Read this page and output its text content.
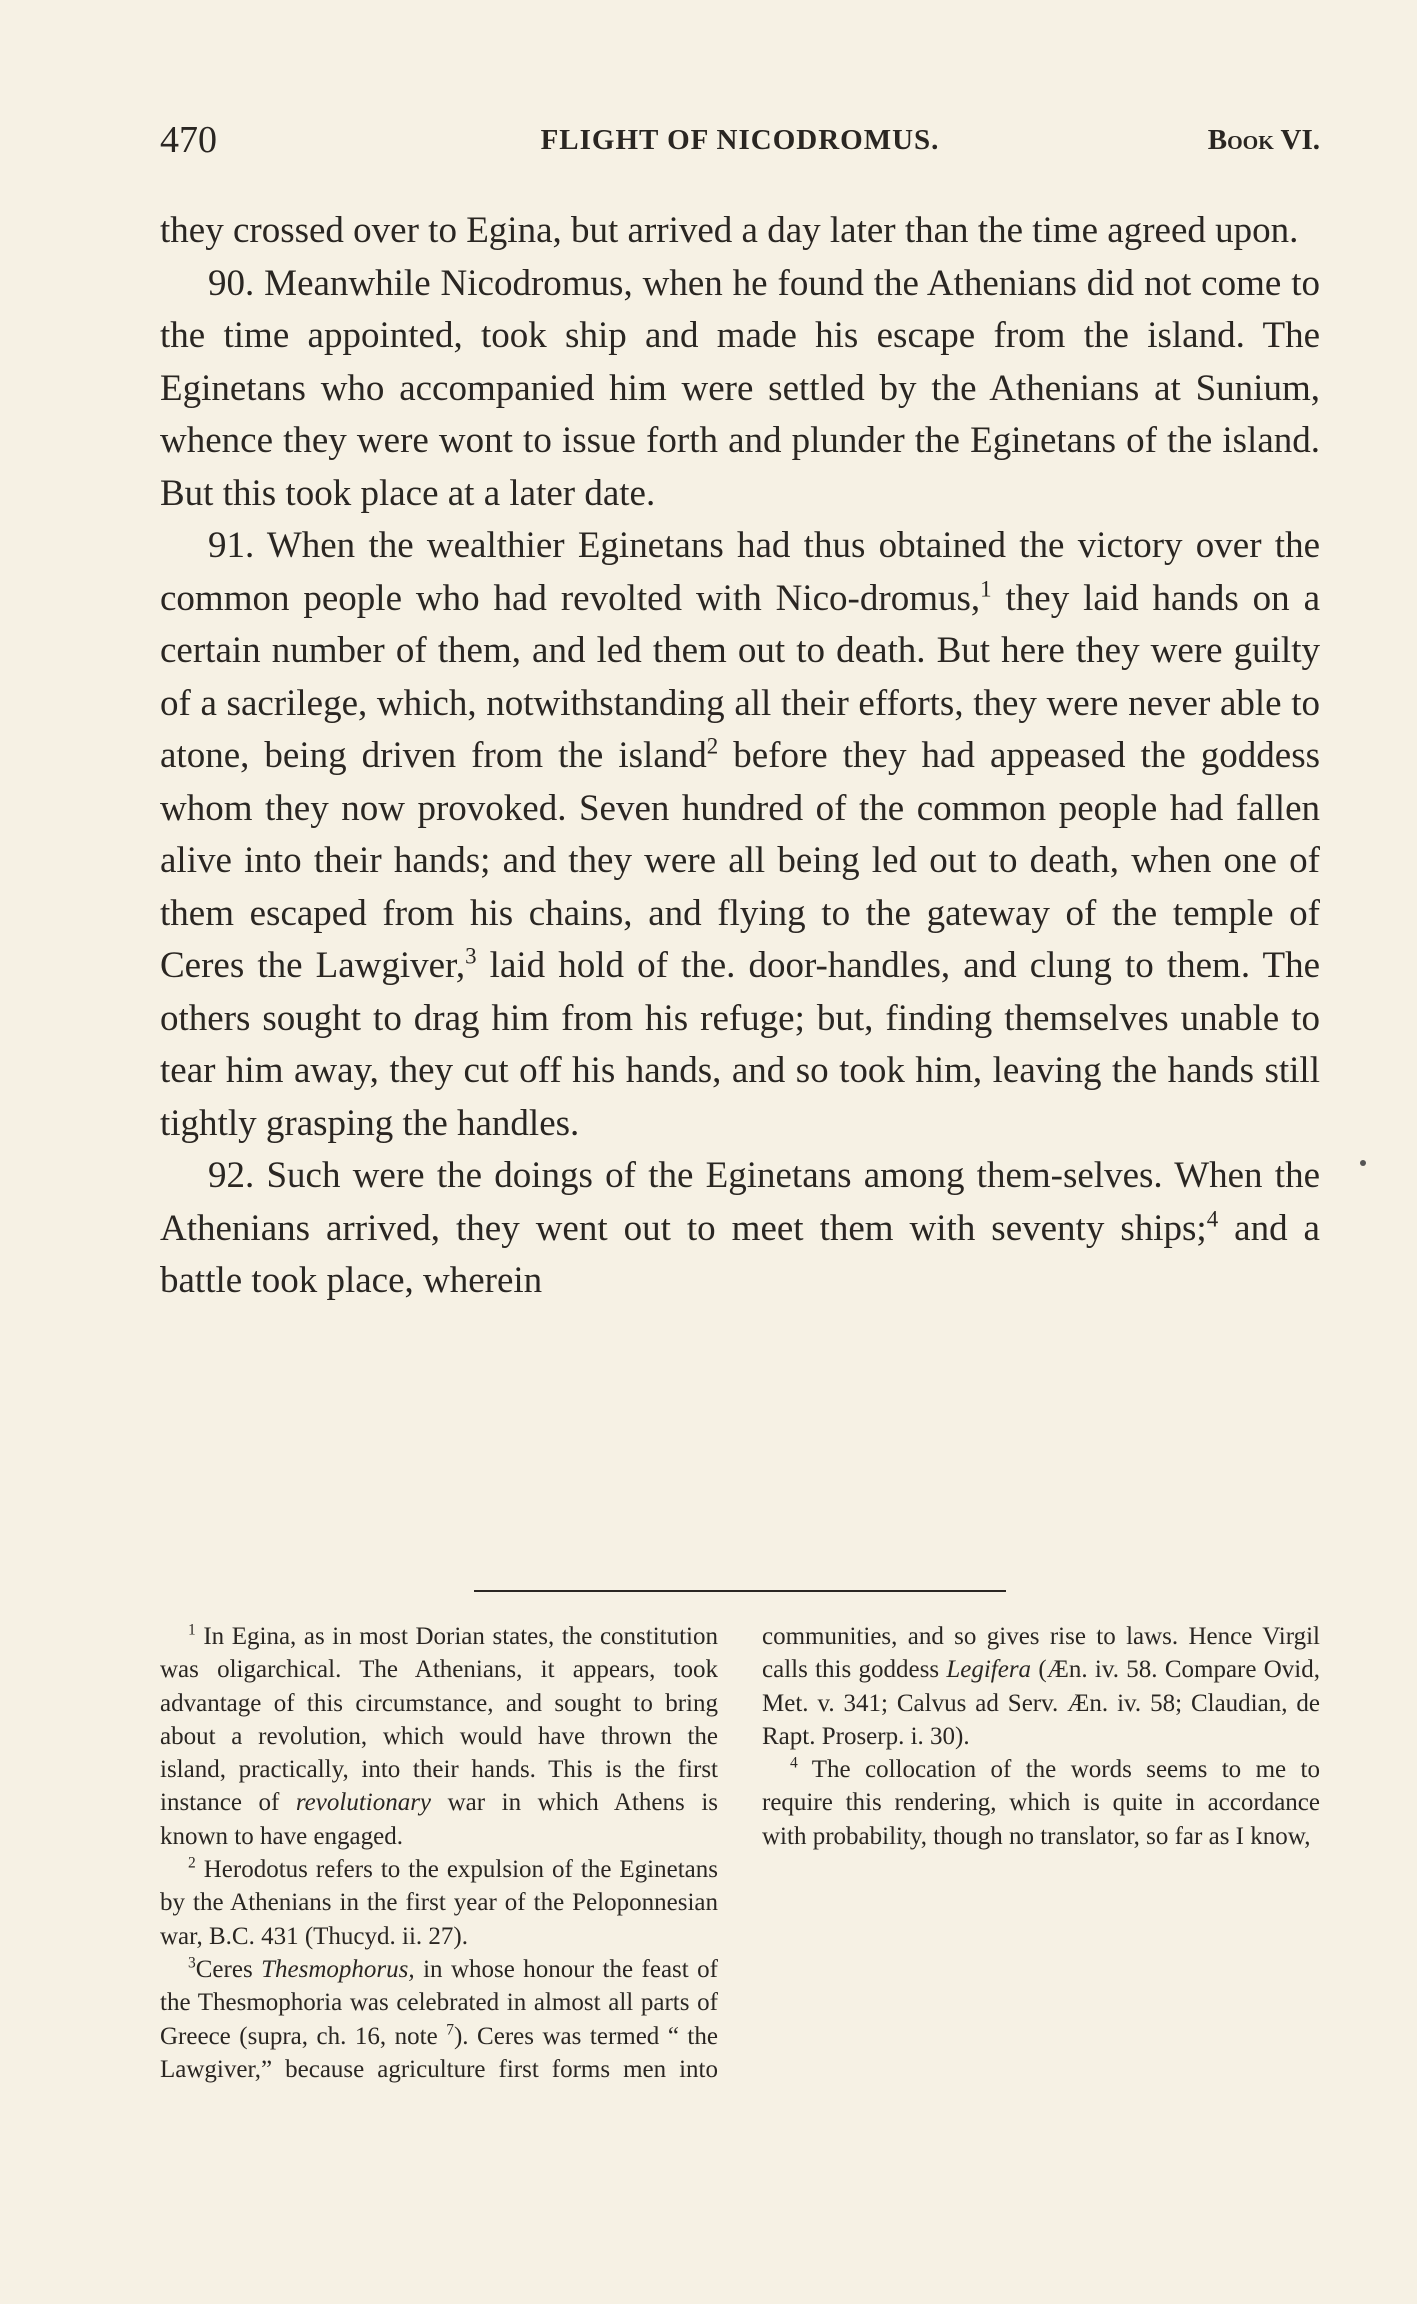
470	FLIGHT OF NICODROMUS.	Book VI.

they crossed over to Egina, but arrived a day later than the time agreed upon.

90. Meanwhile Nicodromus, when he found the Athenians did not come to the time appointed, took ship and made his escape from the island. The Eginetans who accompanied him were settled by the Athenians at Sunium, whence they were wont to issue forth and plunder the Eginetans of the island. But this took place at a later date.

91. When the wealthier Eginetans had thus obtained the victory over the common people who had revolted with Nico-dromus,$^1$ they laid hands on a certain number of them, and led them out to death. But here they were guilty of a sacrilege, which, notwithstanding all their efforts, they were never able to atone, being driven from the island$^2$ before they had appeased the goddess whom they now provoked. Seven hundred of the common people had fallen alive into their hands; and they were all being led out to death, when one of them escaped from his chains, and flying to the gateway of the temple of Ceres the Lawgiver,$^3$ laid hold of the. door-handles, and clung to them. The others sought to drag him from his refuge; but, finding themselves unable to tear him away, they cut off his hands, and so took him, leaving the hands still tightly grasping the handles.

92. Such were the doings of the Eginetans among them-selves. When the Athenians arrived, they went out to meet them with seventy ships;$^4$ and a battle took place, wherein

$^1$ In Egina, as in most Dorian states, the constitution was oligarchical. The Athenians, it appears, took advantage of this circumstance, and sought to bring about a revolution, which would have thrown the island, practically, into their hands. This is the first instance of revolutionary war in which Athens is known to have engaged.

$^2$ Herodotus refers to the expulsion of the Eginetans by the Athenians in the first year of the Peloponnesian war, B.C. 431 (Thucyd. ii. 27).

$^3$Ceres Thesmophorus, in whose honour the feast of the Thesmophoria was celebrated in almost all parts of Greece (supra, ch. 16, note $^7$). Ceres was termed “ the Lawgiver,” because agriculture first forms men into communities, and so gives rise to laws. Hence Virgil calls this goddess Legifera (Æn. iv. 58. Compare Ovid, Met. v. 341; Calvus ad Serv. Æn. iv. 58; Claudian, de Rapt. Proserp. i. 30).

$^4$ The collocation of the words seems to me to require this rendering, which is quite in accordance with probability, though no translator, so far as I know,
